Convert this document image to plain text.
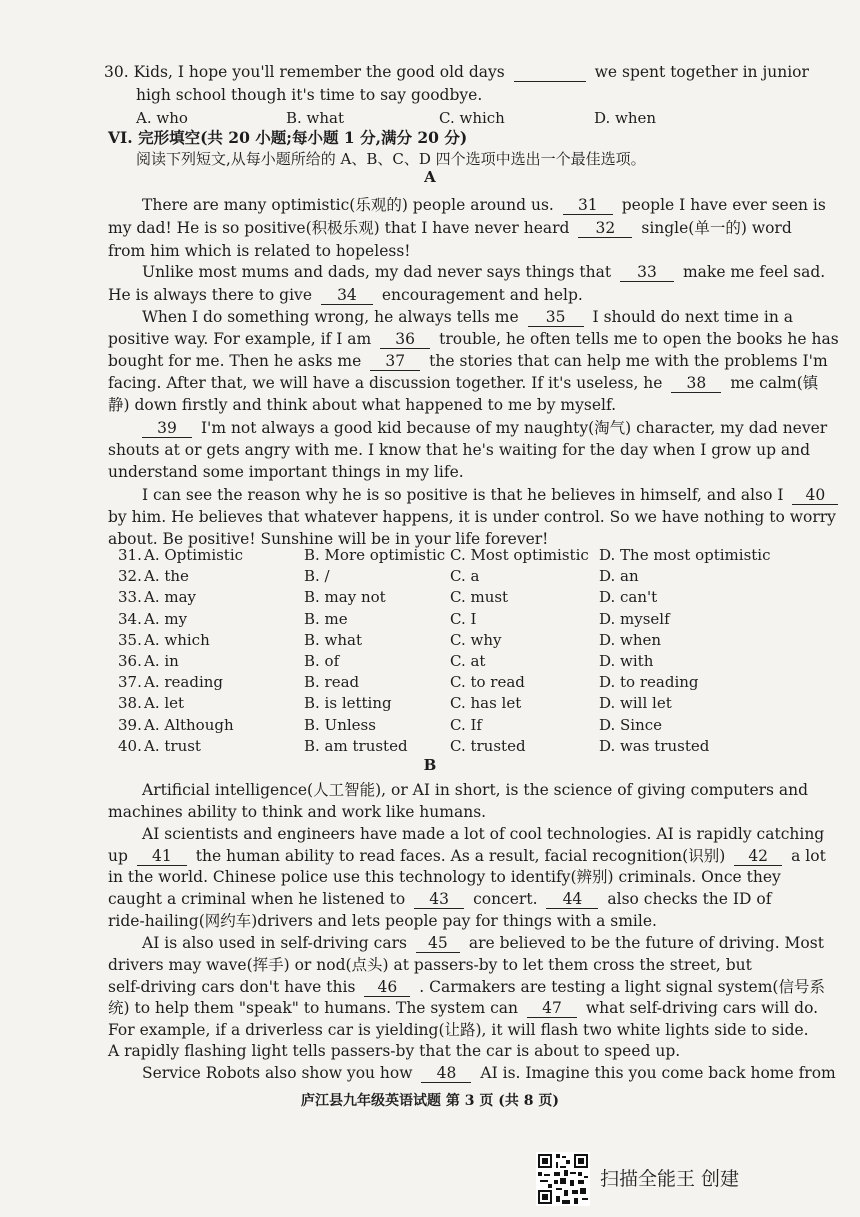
30. Kids, I hope you'll remember the good old days	we spent together in junior
high school though it's time to say goodbye.
A. who	B. what	C. which	D. when
VI. 完形填空(共 20 小题;每小题 1 分,满分 20 分)
阅读下列短文,从每小题所给的 A、B、C、D 四个选项中选出一个最佳选项。
A
There are many optimistic(乐观的) people around us. 31 people I have ever seen is
my dad! He is so positive(积极乐观) that I have never heard 32 single(单一的) word
from him which is related to hopeless!
Unlike most mums and dads, my dad never says things that 33 make me feel sad.
He is always there to give 34 encouragement and help.
When I do something wrong, he always tells me 35 I should do next time in a
positive way. For example, if I am 36 trouble, he often tells me to open the books he has
bought for me. Then he asks me 37 the stories that can help me with the problems I'm
facing. After that, we will have a discussion together. If it's useless, he 38 me calm(镇
静) down firstly and think about what happened to me by myself.
39 I'm not always a good kid because of my naughty(淘气) character, my dad never
shouts at or gets angry with me. I know that he's waiting for the day when I grow up and
understand some important things in my life.
I can see the reason why he is so positive is that he believes in himself, and also I 40
by him. He believes that whatever happens, it is under control. So we have nothing to worry
about. Be positive! Sunshine will be in your life forever!
31. A. Optimistic	B. More optimistic C. Most optimistic D. The most optimistic
32. A. the	B. /	C. a	D. an
33. A. may	B. may not	C. must	D. can't
34. A. my	B. me	C. I	D. myself
35. A. which	B. what	C. why	D. when
36. A. in	B. of	C. at	D. with
37. A. reading	B. read	C. to read	D. to reading
38. A. let	B. is letting	C. has let	D. will let
39. A. Although	B. Unless	C. If	D. Since
40. A. trust	B. am trusted	C. trusted	D. was trusted
B
Artificial intelligence(人工智能), or AI in short, is the science of giving computers and
machines ability to think and work like humans.
AI scientists and engineers have made a lot of cool technologies. AI is rapidly catching
up 41 the human ability to read faces. As a result, facial recognition(识别) 42 a lot
in the world. Chinese police use this technology to identify(辨别) criminals. Once they
caught a criminal when he listened to 43 concert. 44 also checks the ID of
ride-hailing(网约车)drivers and lets people pay for things with a smile.
AI is also used in self-driving cars 45 are believed to be the future of driving. Most
drivers may wave(挥手) or nod(点头) at passers-by to let them cross the street, but
self-driving cars don't have this 46 . Carmakers are testing a light signal system(信号系
统) to help them "speak" to humans. The system can 47 what self-driving cars will do.
For example, if a driverless car is yielding(让路), it will flash two white lights side to side.
A rapidly flashing light tells passers-by that the car is about to speed up.
Service Robots also show you how 48 AI is. Imagine this you come back home from
庐江县九年级英语试题 第 3 页 (共 8 页)
扫描全能王 创建
